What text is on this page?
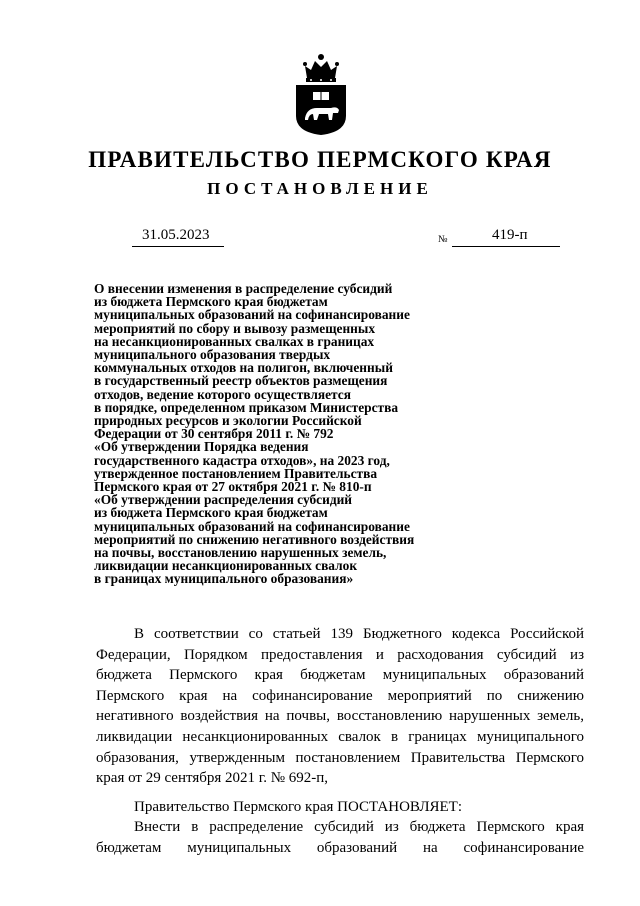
ПРАВИТЕЛЬСТВО ПЕРМСКОГО КРАЯ
ПОСТАНОВЛЕНИЕ
31.05.2023	№	419-п
О внесении изменения в распределение субсидий
из бюджета Пермского края бюджетам
муниципальных образований на софинансирование
мероприятий по сбору и вывозу размещенных
на несанкционированных свалках в границах
муниципального образования твердых
коммунальных отходов на полигон, включенный
в государственный реестр объектов размещения
отходов, ведение которого осуществляется
в порядке, определенном приказом Министерства
природных ресурсов и экологии Российской
Федерации от 30 сентября 2011 г. № 792
«Об утверждении Порядка ведения
государственного кадастра отходов», на 2023 год,
утвержденное постановлением Правительства
Пермского края от 27 октября 2021 г. № 810-п
«Об утверждении распределения субсидий
из бюджета Пермского края бюджетам
муниципальных образований на софинансирование
мероприятий по снижению негативного воздействия
на почвы, восстановлению нарушенных земель,
ликвидации несанкционированных свалок
в границах муниципального образования»

В соответствии со статьей 139 Бюджетного кодекса Российской Федерации, Порядком предоставления и расходования субсидий из бюджета Пермского края бюджетам муниципальных образований Пермского края на софинансирование мероприятий по снижению негативного воздействия на почвы, восстановлению нарушенных земель, ликвидации несанкционированных свалок в границах муниципального образования, утвержденным постановлением Правительства Пермского края от 29 сентября 2021 г. № 692-п,

Правительство Пермского края ПОСТАНОВЛЯЕТ:

Внести в распределение субсидий из бюджета Пермского края бюджетам муниципальных образований на софинансирование
